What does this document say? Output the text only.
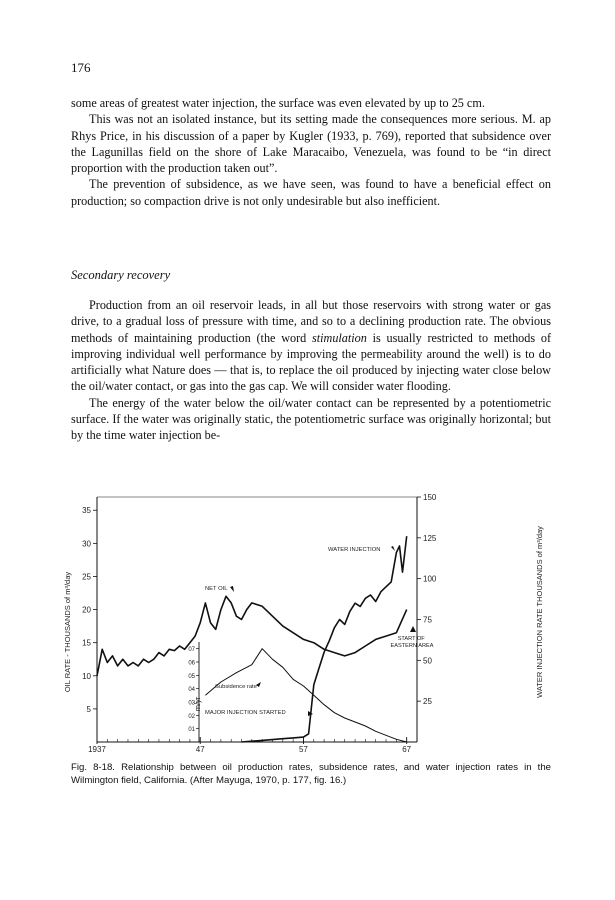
176

some areas of greatest water injection, the surface was even elevated by up to 25 cm.

This was not an isolated instance, but its setting made the consequences more serious. M. ap Rhys Price, in his discussion of a paper by Kugler (1933, p. 769), reported that subsidence over the Lagunillas field on the shore of Lake Maracaibo, Venezuela, was found to be “in direct proportion with the production taken out”.

The prevention of subsidence, as we have seen, was found to have a beneficial effect on production; so compaction drive is not only undesirable but also inefficient.

Secondary recovery

Production from an oil reservoir leads, in all but those reservoirs with strong water or gas drive, to a gradual loss of pressure with time, and so to a declining production rate. The obvious methods of maintaining production (the word stimulation is usually restricted to methods of improving individual well performance by improving the permeability around the well) is to do artificially what Nature does — that is, to replace the oil produced by injecting water close below the oil/water contact, or gas into the gas cap. We will consider water flooding.

The energy of the water below the oil/water contact can be represented by a potentiometric surface. If the water was originally static, the potentiometric surface was originally horizontal; but by the time water injection be-

OIL RATE - THOUSANDS of m³/day	WATER INJECTION RATE THOUSANDS of m³/day
m/yr
WATER INJECTION
NET OIL
START OF EASTERN AREA
Subsidence rate
MAJOR INJECTION STARTED
5
10
15
20
25
30
35
25
50
75
100
125
150
01
02
03
04
05
06
07
1937	47	57	67
Fig. 8-18. Relationship between oil production rates, subsidence rates, and water injection rates in the Wilmington field, California. (After Mayuga, 1970, p. 177, fig. 16.)
